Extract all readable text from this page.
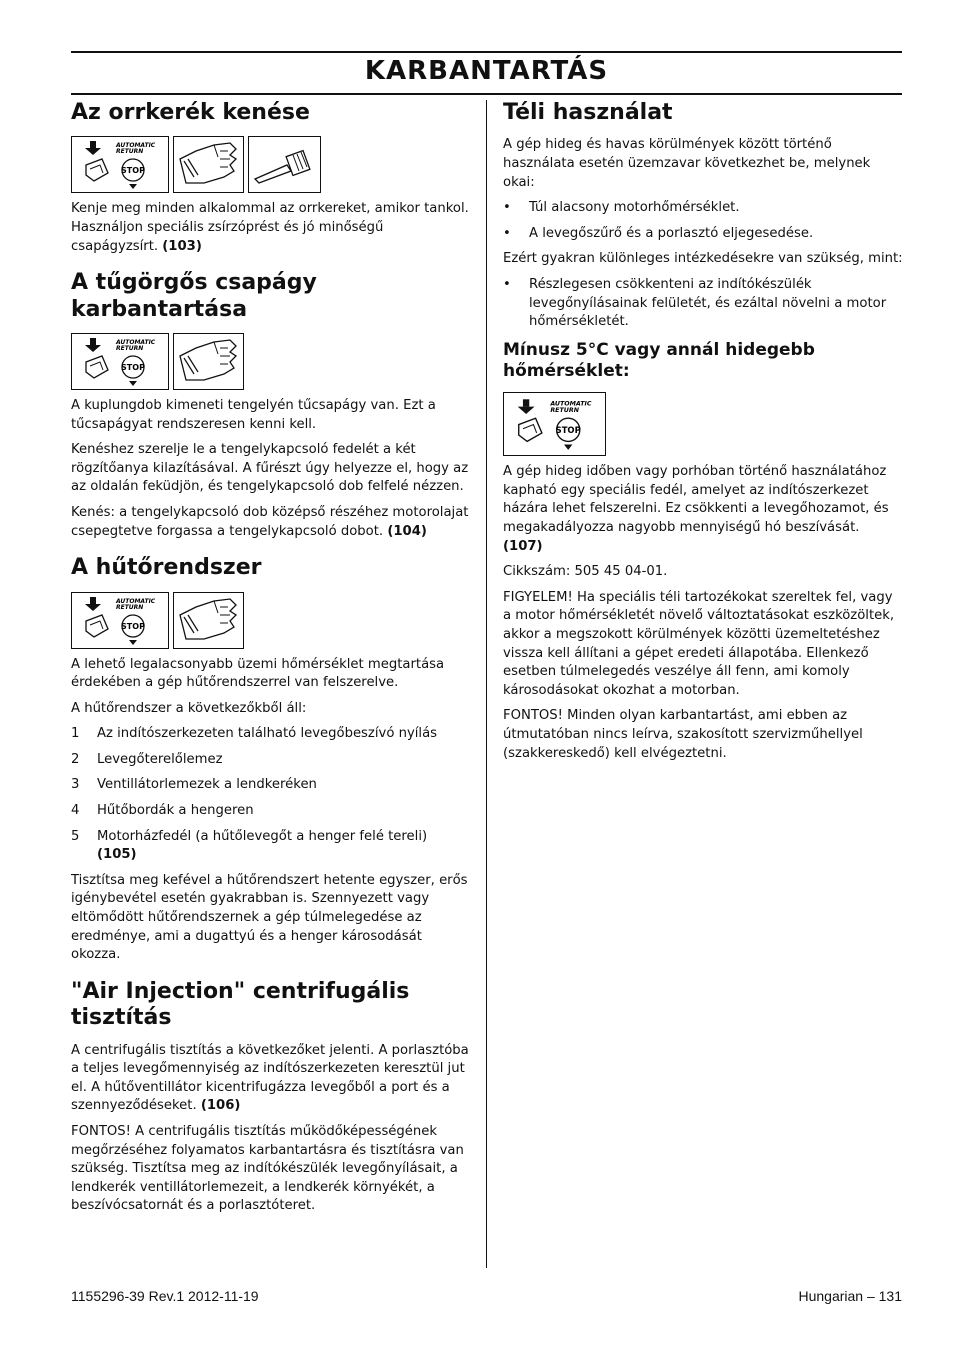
KARBANTARTÁS
Az orrkerék kenése
AUTOMATIC
RETURN
STOP

Kenje meg minden alkalommal az orrkereket, amikor tankol. Használjon speciális zsírzóprést és jó minőségű csapágyzsírt. (103)

A tűgörgős csapágy karbantartása
AUTOMATIC
RETURN
STOP

A kuplungdob kimeneti tengelyén tűcsapágy van. Ezt a tűcsapágyat rendszeresen kenni kell.

Kenéshez szerelje le a tengelykapcsoló fedelét a két rögzítőanya kilazításával. A fűrészt úgy helyezze el, hogy az az oldalán feküdjön, és tengelykapcsoló dob felfelé nézzen.

Kenés: a tengelykapcsoló dob középső részéhez motorolajat csepegtetve forgassa a tengelykapcsoló dobot. (104)

A hűtőrendszer
AUTOMATIC
RETURN
STOP

A lehető legalacsonyabb üzemi hőmérséklet megtartása érdekében a gép hűtőrendszerrel van felszerelve.

A hűtőrendszer a következőkből áll:

1	Az indítószerkezeten található levegőbeszívó nyílás
2	Levegőterelőlemez
3	Ventillátorlemezek a lendkeréken
4	Hűtőbordák a hengeren
5	Motorházfedél (a hűtőlevegőt a henger felé tereli) (105)

Tisztítsa meg kefével a hűtőrendszert hetente egyszer, erős igénybevétel esetén gyakrabban is. Szennyezett vagy eltömődött hűtőrendszernek a gép túlmelegedése az eredménye, ami a dugattyú és a henger károsodását okozza.

"Air Injection" centrifugális tisztítás

A centrifugális tisztítás a következőket jelenti. A porlasztóba a teljes levegőmennyiség az indítószerkezeten keresztül jut el. A hűtőventillátor kicentrifugázza levegőből a port és a szennyeződéseket. (106)

FONTOS! A centrifugális tisztítás működőképességének megőrzéséhez folyamatos karbantartásra és tisztításra van szükség. Tisztítsa meg az indítókészülék levegőnyílásait, a lendkerék ventillátorlemezeit, a lendkerék környékét, a beszívócsatornát és a porlasztóteret.

Téli használat

A gép hideg és havas körülmények között történő használata esetén üzemzavar következhet be, melynek okai:

•	Túl alacsony motorhőmérséklet.
•	A levegőszűrő és a porlasztó eljegesedése.

Ezért gyakran különleges intézkedésekre van szükség, mint:

•	Részlegesen csökkenteni az indítókészülék levegőnyílásainak felületét, és ezáltal növelni a motor hőmérsékletét.
Mínusz 5°C vagy annál hidegebb hőmérséklet:
AUTOMATIC
RETURN
STOP

A gép hideg időben vagy porhóban történő használatához kapható egy speciális fedél, amelyet az indítószerkezet házára lehet felszerelni. Ez csökkenti a levegőhozamot, és megakadályozza nagyobb mennyiségű hó beszívását. (107)

Cikkszám: 505 45 04-01.

FIGYELEM! Ha speciális téli tartozékokat szereltek fel, vagy a motor hőmérsékletét növelő változtatásokat eszközöltek, akkor a megszokott körülmények közötti üzemeltetéshez vissza kell állítani a gépet eredeti állapotába. Ellenkező esetben túlmelegedés veszélye áll fenn, ami komoly károsodásokat okozhat a motorban.

FONTOS! Minden olyan karbantartást, ami ebben az útmutatóban nincs leírva, szakosított szervizműhellyel (szakkereskedő) kell elvégeztetni.

1155296-39 Rev.1 2012-11-19	Hungarian – 131
